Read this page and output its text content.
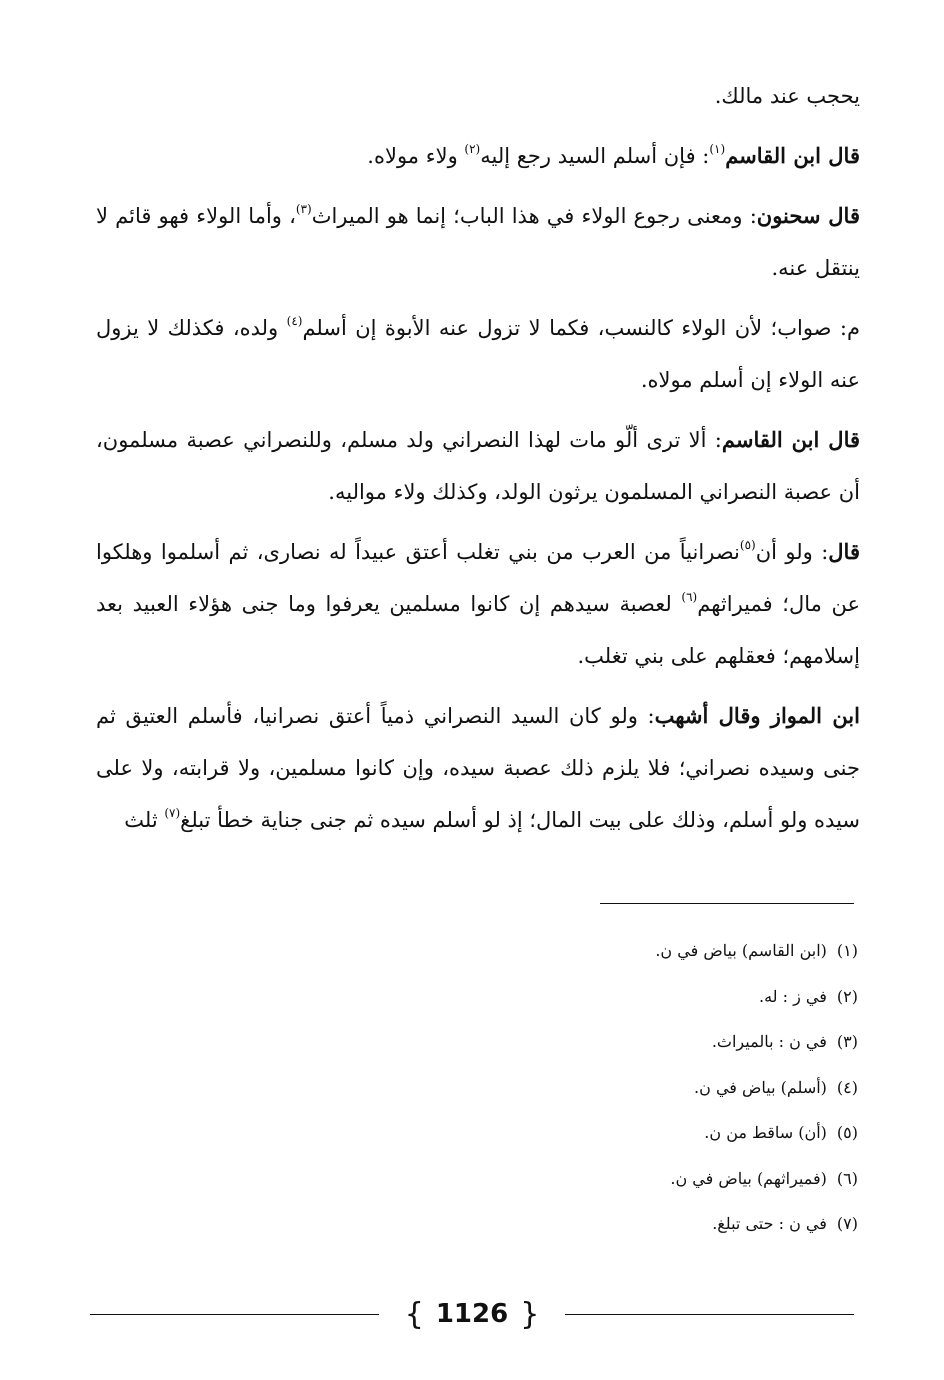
يحجب عند مالك.

قال ابن القاسم$^{(١)}$: فإن أسلم السيد رجع إليه$^{(٢)}$ ولاء مولاه.

قال سحنون: ومعنى رجوع الولاء في هذا الباب؛ إنما هو الميراث$^{(٣)}$، وأما الولاء فهو قائم لا ينتقل عنه.

م: صواب؛ لأن الولاء كالنسب، فكما لا تزول عنه الأبوة إن أسلم$^{(٤)}$ ولده، فكذلك لا يزول عنه الولاء إن أسلم مولاه.

قال ابن القاسم: ألا ترى ألّو مات لهذا النصراني ولد مسلم، وللنصراني عصبة مسلمون، أن عصبة النصراني المسلمون يرثون الولد، وكذلك ولاء مواليه.

قال: ولو أن$^{(٥)}$نصرانياً من العرب من بني تغلب أعتق عبيداً له نصارى، ثم أسلموا وهلكوا عن مال؛ فميراثهم$^{(٦)}$ لعصبة سيدهم إن كانوا مسلمين يعرفوا وما جنى هؤلاء العبيد بعد إسلامهم؛ فعقلهم على بني تغلب.

ابن المواز وقال أشهب: ولو كان السيد النصراني ذمياً أعتق نصرانيا، فأسلم العتيق ثم جنى وسيده نصراني؛ فلا يلزم ذلك عصبة سيده، وإن كانوا مسلمين، ولا قرابته، ولا على سيده ولو أسلم، وذلك على بيت المال؛ إذ لو أسلم سيده ثم جنى جناية خطأ تبلغ$^{(٧)}$ ثلث

(١)
(ابن القاسم) بياض في ن.
(٢)
في ز : له.
(٣)
في ن : بالميراث.
(٤)
(أسلم) بياض في ن.
(٥)
(أن) ساقط من ن.
(٦)
(فميراثهم) بياض في ن.
(٧)
في ن : حتى تبلغ.
{ 1126 }
